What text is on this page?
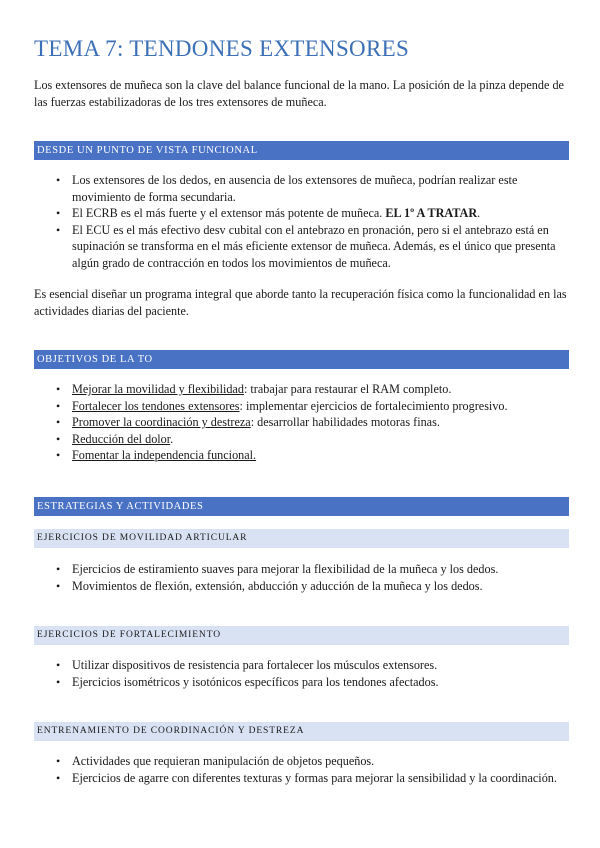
TEMA 7: TENDONES EXTENSORES

Los extensores de muñeca son la clave del balance funcional de la mano. La posición de la pinza depende de las fuerzas estabilizadoras de los tres extensores de muñeca.

DESDE UN PUNTO DE VISTA FUNCIONAL
• Los extensores de los dedos, en ausencia de los extensores de muñeca, podrían realizar este movimiento de forma secundaria.
• El ECRB es el más fuerte y el extensor más potente de muñeca. EL 1º A TRATAR.
• El ECU es el más efectivo desv cubital con el antebrazo en pronación, pero si el antebrazo está en supinación se transforma en el más eficiente extensor de muñeca. Además, es el único que presenta algún grado de contracción en todos los movimientos de muñeca.

Es esencial diseñar un programa integral que aborde tanto la recuperación física como la funcionalidad en las actividades diarias del paciente.

OBJETIVOS DE LA TO
• Mejorar la movilidad y flexibilidad: trabajar para restaurar el RAM completo.
• Fortalecer los tendones extensores: implementar ejercicios de fortalecimiento progresivo.
• Promover la coordinación y destreza: desarrollar habilidades motoras finas.
• Reducción del dolor.
• Fomentar la independencia funcional.
ESTRATEGIAS Y ACTIVIDADES
EJERCICIOS DE MOVILIDAD ARTICULAR
• Ejercicios de estiramiento suaves para mejorar la flexibilidad de la muñeca y los dedos.
• Movimientos de flexión, extensión, abducción y aducción de la muñeca y los dedos.
EJERCICIOS DE FORTALECIMIENTO
• Utilizar dispositivos de resistencia para fortalecer los músculos extensores.
• Ejercicios isométricos y isotónicos específicos para los tendones afectados.
ENTRENAMIENTO DE COORDINACIÓN Y DESTREZA
• Actividades que requieran manipulación de objetos pequeños.
• Ejercicios de agarre con diferentes texturas y formas para mejorar la sensibilidad y la coordinación.
